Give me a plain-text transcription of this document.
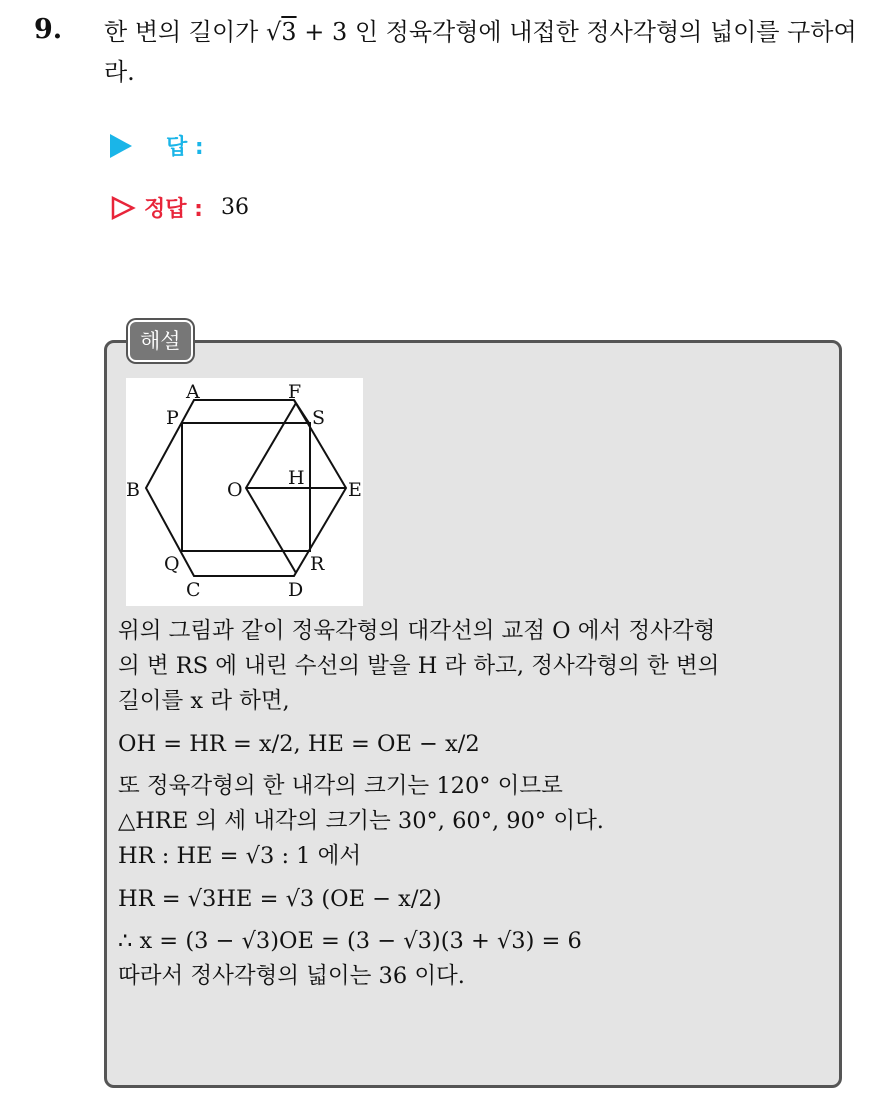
9. 한 변의 길이가 √3 + 3 인 정육각형에 내접한 정사각형의 넓이를 구하여라.
답 :
정답 : 36
해설
A	F
P	S
B	O
H
E
Q	R
C	D
위의 그림과 같이 정육각형의 대각선의 교점 O 에서 정사각형
의 변 RS 에 내린 수선의 발을 H 라 하고, 정사각형의 한 변의
길이를 x 라 하면,
OH = HR = x/2, HE = OE − x/2
또 정육각형의 한 내각의 크기는 120° 이므로
△HRE 의 세 내각의 크기는 30°, 60°, 90° 이다.
HR : HE = √3 : 1 에서
HR = √3HE = √3 (OE − x/2)
∴ x = (3 − √3)OE = (3 − √3)(3 + √3) = 6
따라서 정사각형의 넓이는 36 이다.
